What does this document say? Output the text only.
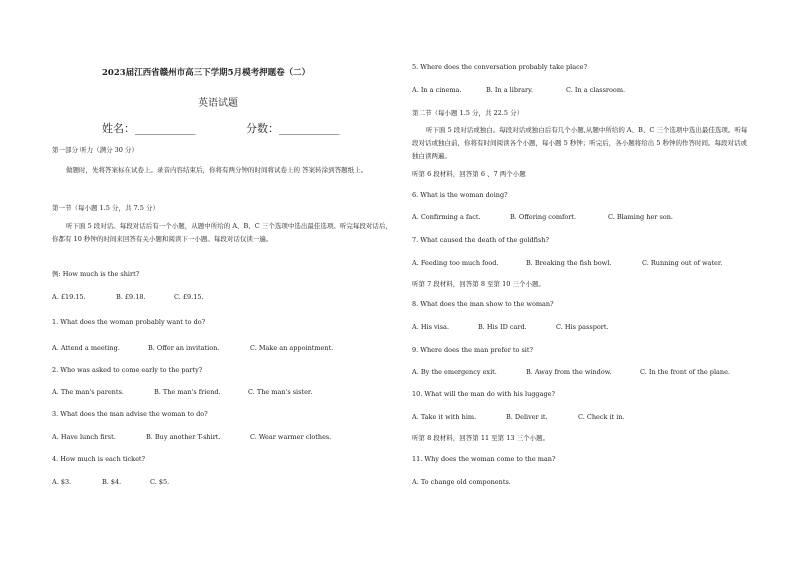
2023届江西省赣州市高三下学期5月模考押题卷（二）
英语试题
姓名：___________	分数：___________
第一部分 听力（满分 30 分）
做题时，先将答案标在试卷上。录音内容结束后，你将有两分钟的时间将试卷上的 答案转涂到答题纸上。
第一节（每小题 1.5 分，共 7.5 分）
听下面 5 段对话。每段对话后有一个小题，从题中所给的 A、B、C 三个选项中选出最佳选项。听完每段对话后，你都有 10 秒钟的时间来回答有关小题和阅读下一小题。每段对话仅读一遍。
例: How much is the shirt?
A. £19.15.	B. £9.18.	C. £9.15.
1. What does the woman probably want to do?
A. Attend a meeting.	B. Offer an invitation.	C. Make an appointment.
2. Who was asked to come early to the party?
A. The man's parents.	B. The man's friend.	C. The man's sister.
3. What does the man advise the woman to do?
A. Have lunch first.	B. Buy another T-shirt.	C. Wear warmer clothes.
4. How much is each ticket?
A. $3.	B. $4.	C. $5.
5. Where does the conversation probably take place?
A. In a cinema.	B. In a library.	C. In a classroom.
第二节（每小题 1.5 分，共 22.5 分）
听下面 5 段对话或独白。每段对话或独白后有几个小题,从题中所给的 A、B、C 三个选项中选出最佳选项。听每段对话或独白前，你将有时间阅读各个小题，每小题 5 秒钟；听完后，各小题将给出 5 秒钟的作答时间。每段对话或独白读两遍。
听第 6 段材料，回答第 6 、7 两个小题
6. What is the woman doing?
A. Confirming a fact.	B. Offering comfort.	C. Blaming her son.
7. What caused the death of the goldfish?
A. Feeding too much food.	B. Breaking the fish bowl.	C. Running out of water.
听第 7 段材料，回答第 8 至第 10 三个小题。
8. What does the man show to the woman?
A. His visa.	B. His ID card.	C. His passport.
9. Where does the man prefer to sit?
A. By the emergency exit.	B. Away from the window.	C. In the front of the plane.
10. What will the man do with his luggage?
A. Take it with him.	B. Deliver it.	C. Check it in.
听第 8 段材料，回答第 11 至第 13 三个小题。
11. Why does the woman come to the man?
A. To change old components.
